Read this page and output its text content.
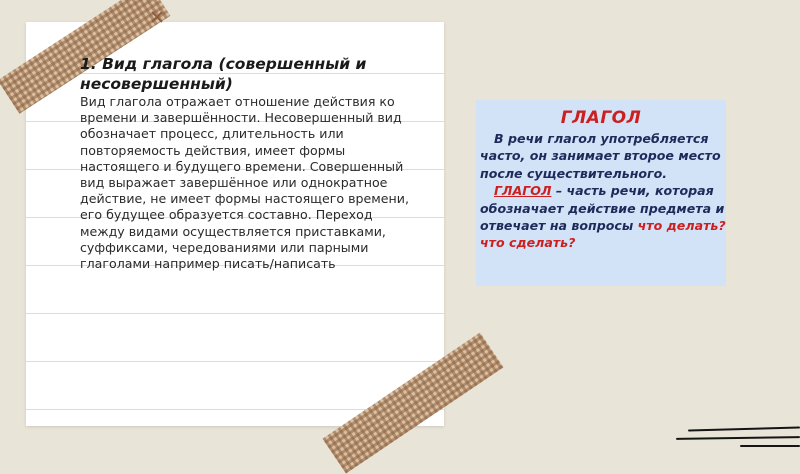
1. Вид глагола (совершенный и несовершенный)
Вид глагола отражает отношение действия ко времени и завершённости. Несовершенный вид обозначает процесс, длительность или повторяемость действия, имеет формы настоящего и будущего времени. Совершенный вид выражает завершённое или однократное действие, не имеет формы настоящего времени, его будущее образуется составно. Переход между видами осуществляется приставками, суффиксами, чередованиями или парными глаголами например писать/написать
ГЛАГОЛ
В речи глагол употребляется часто, он занимает второе место после существительного.
ГЛАГОЛ – часть речи, которая обозначает действие предмета и отвечает на вопросы что делать? что сделать?
